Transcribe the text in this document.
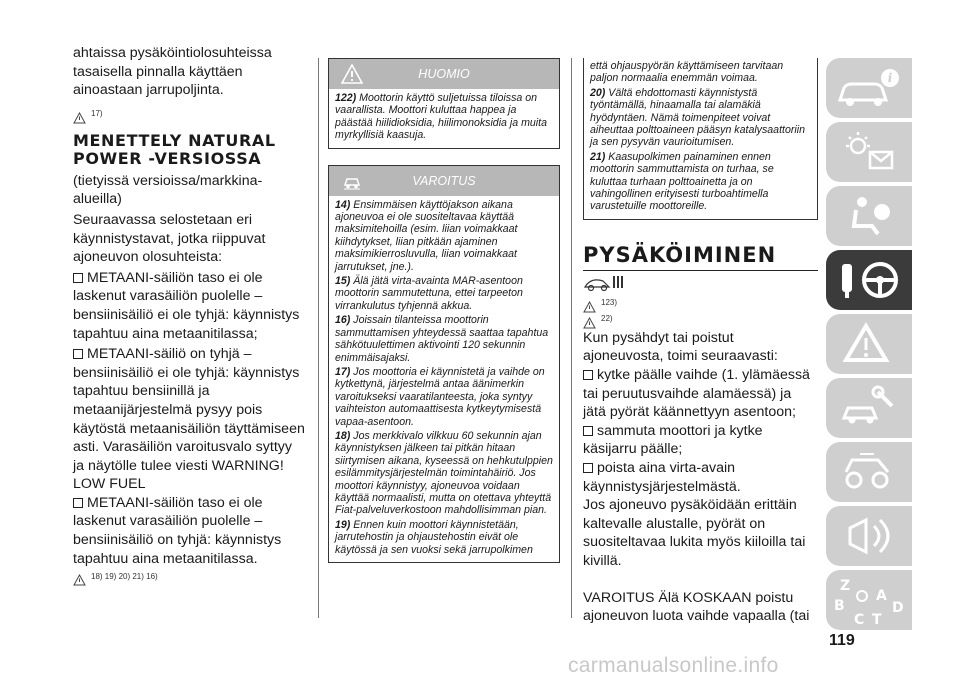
ahtaissa pysäköintiolosuhteissa tasaisella pinnalla käyttäen ainoastaan jarrupoljinta.

17)
MENETTELY NATURAL POWER -VERSIOSSA

(tietyissä versioissa/markkina-alueilla)

Seuraavassa selostetaan eri käynnistystavat, jotka riippuvat ajoneuvon olosuhteista:

METAANI-säiliön taso ei ole laskenut varasäiliön puolelle – bensiinisäiliö ei ole tyhjä: käynnistys tapahtuu aina metaanitilassa;

METAANI-säiliö on tyhjä – bensiinisäiliö ei ole tyhjä: käynnistys tapahtuu bensiinillä ja metaanijärjestelmä pysyy pois käytöstä metaanisäiliön täyttämiseen asti. Varasäiliön varoitusvalo syttyy ja näytölle tulee viesti WARNING! LOW FUEL

METAANI-säiliön taso ei ole laskenut varasäiliön puolelle – bensiinisäiliö on tyhjä: käynnistys tapahtuu aina metaanitilassa.

18) 19) 20) 21) 16)
HUOMIO

122) Moottorin käyttö suljetuissa tiloissa on vaarallista. Moottori kuluttaa happea ja päästää hiilidioksidia, hiilimonoksidia ja muita myrkyllisiä kaasuja.

VAROITUS

14) Ensimmäisen käyttöjakson aikana ajoneuvoa ei ole suositeltavaa käyttää maksimitehoilla (esim. liian voimakkaat kiihdytykset, liian pitkään ajaminen maksimikierrosluvulla, liian voimakkaat jarrutukset, jne.).

15) Älä jätä virta-avainta MAR-asentoon moottorin sammutettuna, ettei tarpeeton virrankulutus tyhjennä akkua.

16) Joissain tilanteissa moottorin sammuttamisen yhteydessä saattaa tapahtua sähkötuulettimen aktivointi 120 sekunnin enimmäisajaksi.

17) Jos moottoria ei käynnistetä ja vaihde on kytkettynä, järjestelmä antaa äänimerkin varoitukseksi vaaratilanteesta, joka syntyy vaihteiston automaattisesta kytkeytymisestä vapaa-asentoon.

18) Jos merkkivalo vilkkuu 60 sekunnin ajan käynnistyksen jälkeen tai pitkän hitaan siirtymisen aikana, kyseessä on hehkutulppien esilämmitysjärjestelmän toimintahäiriö. Jos moottori käynnistyy, ajoneuvoa voidaan käyttää normaalisti, mutta on otettava yhteyttä Fiat-palveluverkostoon mahdollisimman pian.

19) Ennen kuin moottori käynnistetään, jarrutehostin ja ohjaustehostin eivät ole käytössä ja sen vuoksi sekä jarrupolkimen

että ohjauspyörän käyttämiseen tarvitaan paljon normaalia enemmän voimaa.

20) Vältä ehdottomasti käynnistystä työntämällä, hinaamalla tai alamäkiä hyödyntäen. Nämä toimenpiteet voivat aiheuttaa polttoaineen pääsyn katalysaattoriin ja sen pysyvän vaurioitumisen.

21) Kaasupolkimen painaminen ennen moottorin sammuttamista on turhaa, se kuluttaa turhaan polttoainetta ja on vahingollinen erityisesti turboahtimella varustetuille moottoreille.

PYSÄKÖIMINEN
123)
22)

Kun pysähdyt tai poistut ajoneuvosta, toimi seuraavasti:

kytke päälle vaihde (1. ylämäessä tai peruutusvaihde alamäessä) ja jätä pyörät käännettyyn asentoon;

sammuta moottori ja kytke käsijarru päälle;

poista aina virta-avain käynnistysjärjestelmästä.

Jos ajoneuvo pysäköidään erittäin kaltevalle alustalle, pyörät on suositeltavaa lukita myös kiiloilla tai kivillä.

VAROITUS Älä KOSKAAN poistu ajoneuvon luota vaihde vapaalla (tai

i
Z
A
B
C
D
T
119
carmanualsonline.info
